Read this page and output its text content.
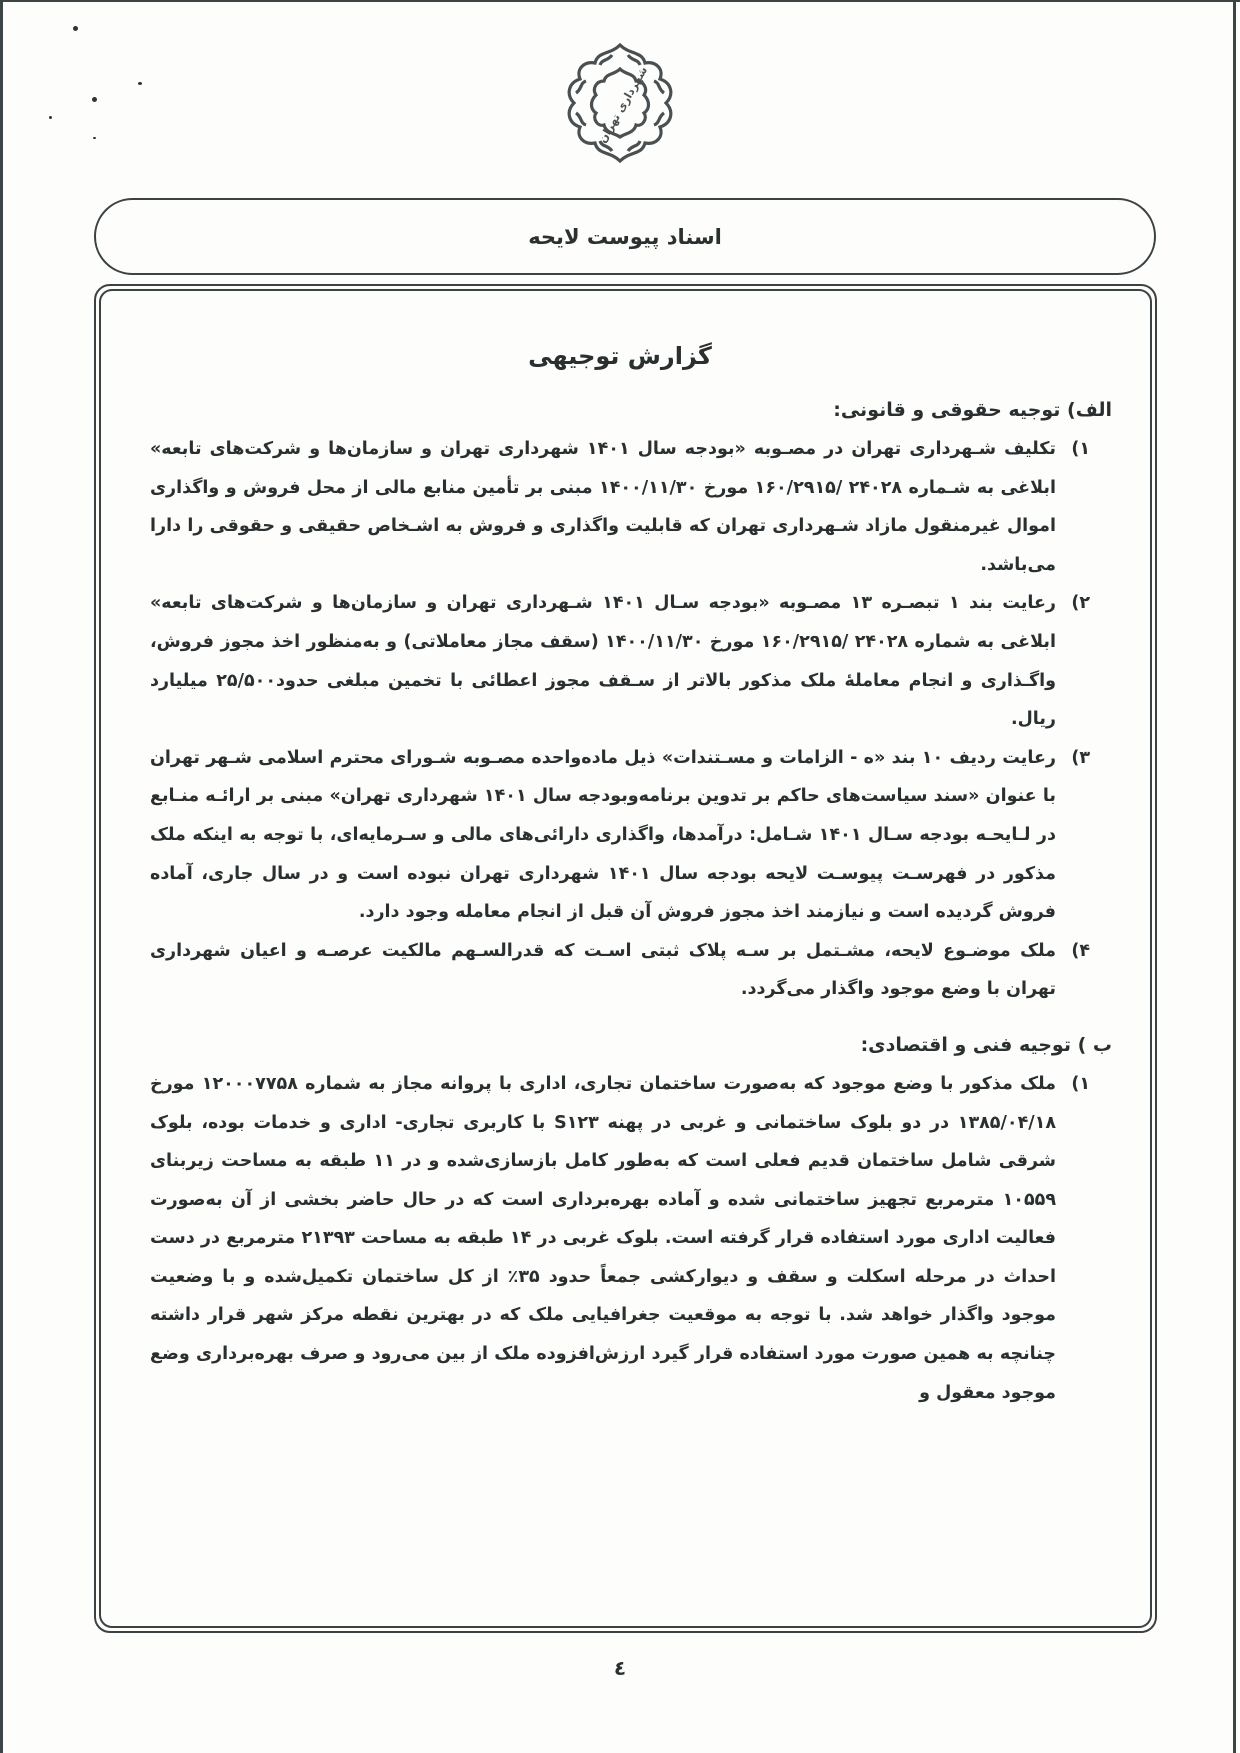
شهرداری تهران
اسناد پیوست لایحه
گزارش توجیهی
الف) توجیه حقوقی و قانونی:
۱)
تکلیف شـهرداری تهران در مصـوبه «بودجه سال ۱۴۰۱ شهرداری تهران و سازمان‌ها و شرکت‌های تابعه» ابلاغی به شـماره ۲۴۰۲۸ /۱۶۰/۲۹۱۵ مورخ ۱۴۰۰/۱۱/۳۰ مبنی بر تأمین منابع مالی از محل فروش و واگذاری اموال غیرمنقول مازاد شـهرداری تهران که قابلیت واگذاری و فروش به اشـخاص حقیقی و حقوقی را دارا می‌باشد.
۲)
رعایت بند ۱ تبصـره ۱۳ مصـوبه «بودجه سـال ۱۴۰۱ شـهرداری تهران و سازمان‌ها و شرکت‌های تابعه» ابلاغی به شماره ۲۴۰۲۸ /۱۶۰/۲۹۱۵ مورخ ۱۴۰۰/۱۱/۳۰ (سقف مجاز معاملاتی) و به‌منظور اخذ مجوز فروش، واگـذاری و انجام معاملهٔ ملک مذکور بالاتر از سـقف مجوز اعطائی با تخمین مبلغی حدود۲۵/۵۰۰ میلیارد ریال.
۳)
رعایت ردیف ۱۰ بند «ه - الزامات و مسـتندات» ذیل ماده‌واحده مصـوبه شـورای محترم اسلامی شـهر تهران با عنوان «سند سیاست‌های حاکم بر تدوین برنامه‌وبودجه سال ۱۴۰۱ شهرداری تهران» مبنی بر ارائـه منـابع در لـایحـه بودجه سـال ۱۴۰۱ شـامل: درآمدها، واگذاری دارائی‌های مالی و سـرمایه‌ای، با توجه به اینکه ملک مذکور در فهرسـت پیوسـت لایحه بودجه سال ۱۴۰۱ شهرداری تهران نبوده است و در سال جاری، آماده فروش گردیده است و نیازمند اخذ مجوز فروش آن قبل از انجام معامله وجود دارد.
۴)
ملک موضـوع لایحه، مشـتمل بر سـه پلاک ثبتی اسـت که قدرالسـهم مالکیت عرصـه و اعیان شهرداری تهران با وضع موجود واگذار می‌گردد.
ب ) توجیه فنی و اقتصادی:
۱)
ملک مذکور با وضع موجود که به‌صورت ساختمان تجاری، اداری با پروانه مجاز به شماره ۱۲۰۰۰۷۷۵۸ مورخ ۱۳۸۵/۰۴/۱۸ در دو بلوک ساختمانی و غربی در پهنه S۱۲۳ با کاربری تجاری- اداری و خدمات بوده، بلوک شرقی شامل ساختمان قدیم فعلی است که به‌طور کامل بازسازی‌شده و در ۱۱ طبقه به مساحت زیربنای ۱۰۵۵۹ مترمربع تجهیز ساختمانی شده و آماده بهره‌برداری است که در حال حاضر بخشی از آن به‌صورت فعالیت اداری مورد استفاده قرار گرفته است. بلوک غربی در ۱۴ طبقه به مساحت ۲۱۳۹۳ مترمربع در دست احداث در مرحله اسکلت و سقف و دیوارکشی جمعاً حدود ۳۵٪ از کل ساختمان تکمیل‌شده و با وضعیت موجود واگذار خواهد شد. با توجه به موقعیت جغرافیایی ملک که در بهترین نقطه مرکز شهر قرار داشته چنانچه به همین صورت مورد استفاده قرار گیرد ارزش‌افزوده ملک از بین می‌رود و صرف بهره‌برداری وضع موجود معقول و
٤
